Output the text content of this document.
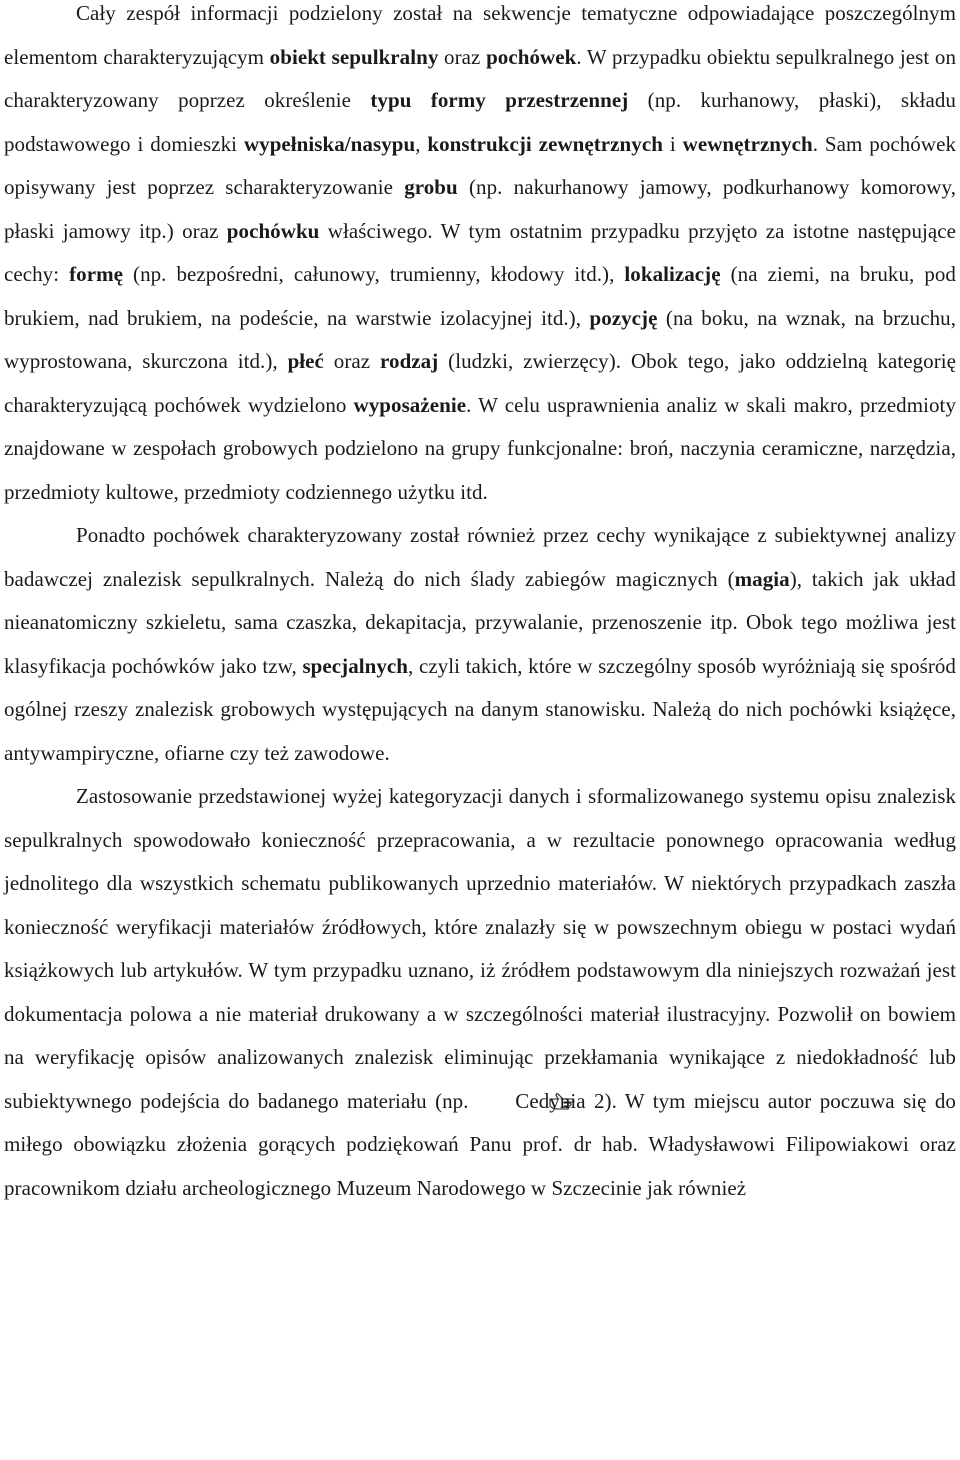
Cały zespół informacji podzielony został na sekwencje tematyczne odpowiadające poszczególnym elementom charakteryzującym obiekt sepulkralny oraz pochówek. W przypadku obiektu sepulkralnego jest on charakteryzowany poprzez określenie typu formy przestrzennej (np. kurhanowy, płaski), składu podstawowego i domieszki wypełniska/nasypu, konstrukcji zewnętrznych i wewnętrznych. Sam pochówek opisywany jest poprzez scharakteryzowanie grobu (np. nakurhanowy jamowy, podkurhanowy komorowy, płaski jamowy itp.) oraz pochówku właściwego. W tym ostatnim przypadku przyjęto za istotne następujące cechy: formę (np. bezpośredni, całunowy, trumienny, kłodowy itd.), lokalizację (na ziemi, na bruku, pod brukiem, nad brukiem, na podeście, na warstwie izolacyjnej itd.), pozycję (na boku, na wznak, na brzuchu, wyprostowana, skurczona itd.), płeć oraz rodzaj (ludzki, zwierzęcy). Obok tego, jako oddzielną kategorię charakteryzującą pochówek wydzielono wyposażenie. W celu usprawnienia analiz w skali makro, przedmioty znajdowane w zespołach grobowych podzielono na grupy funkcjonalne: broń, naczynia ceramiczne, narzędzia, przedmioty kultowe, przedmioty codziennego użytku itd.

Ponadto pochówek charakteryzowany został również przez cechy wynikające z subiektywnej analizy badawczej znalezisk sepulkralnych. Należą do nich ślady zabiegów magicznych (magia), takich jak układ nieanatomiczny szkieletu, sama czaszka, dekapitacja, przywalanie, przenoszenie itp. Obok tego możliwa jest klasyfikacja pochówków jako tzw, specjalnych, czyli takich, które w szczególny sposób wyróżniają się spośród ogólnej rzeszy znalezisk grobowych występujących na danym stanowisku. Należą do nich pochówki książęce, antywampiryczne, ofiarne czy też zawodowe.

Zastosowanie przedstawionej wyżej kategoryzacji danych i sformalizowanego systemu opisu znalezisk sepulkralnych spowodowało konieczność przepracowania, a w rezultacie ponownego opracowania według jednolitego dla wszystkich schematu publikowanych uprzednio materiałów. W niektórych przypadkach zaszła konieczność weryfikacji materiałów źródłowych, które znalazły się w powszechnym obiegu w postaci wydań książkowych lub artykułów. W tym przypadku uznano, iż źródłem podstawowym dla niniejszych rozważań jest dokumentacja polowa a nie materiał drukowany a w szczególności materiał ilustracyjny. Pozwolił on bowiem na weryfikację opisów analizowanych znalezisk eliminując przekłamania wynikające z niedokładność lub subiektywnego podejścia do badanego materiału (np.  Cedynia 2). W tym miejscu autor poczuwa się do miłego obowiązku złożenia gorących podziękowań Panu prof. dr hab. Władysławowi Filipowiakowi oraz pracownikom działu archeologicznego Muzeum Narodowego w Szczecinie jak również
